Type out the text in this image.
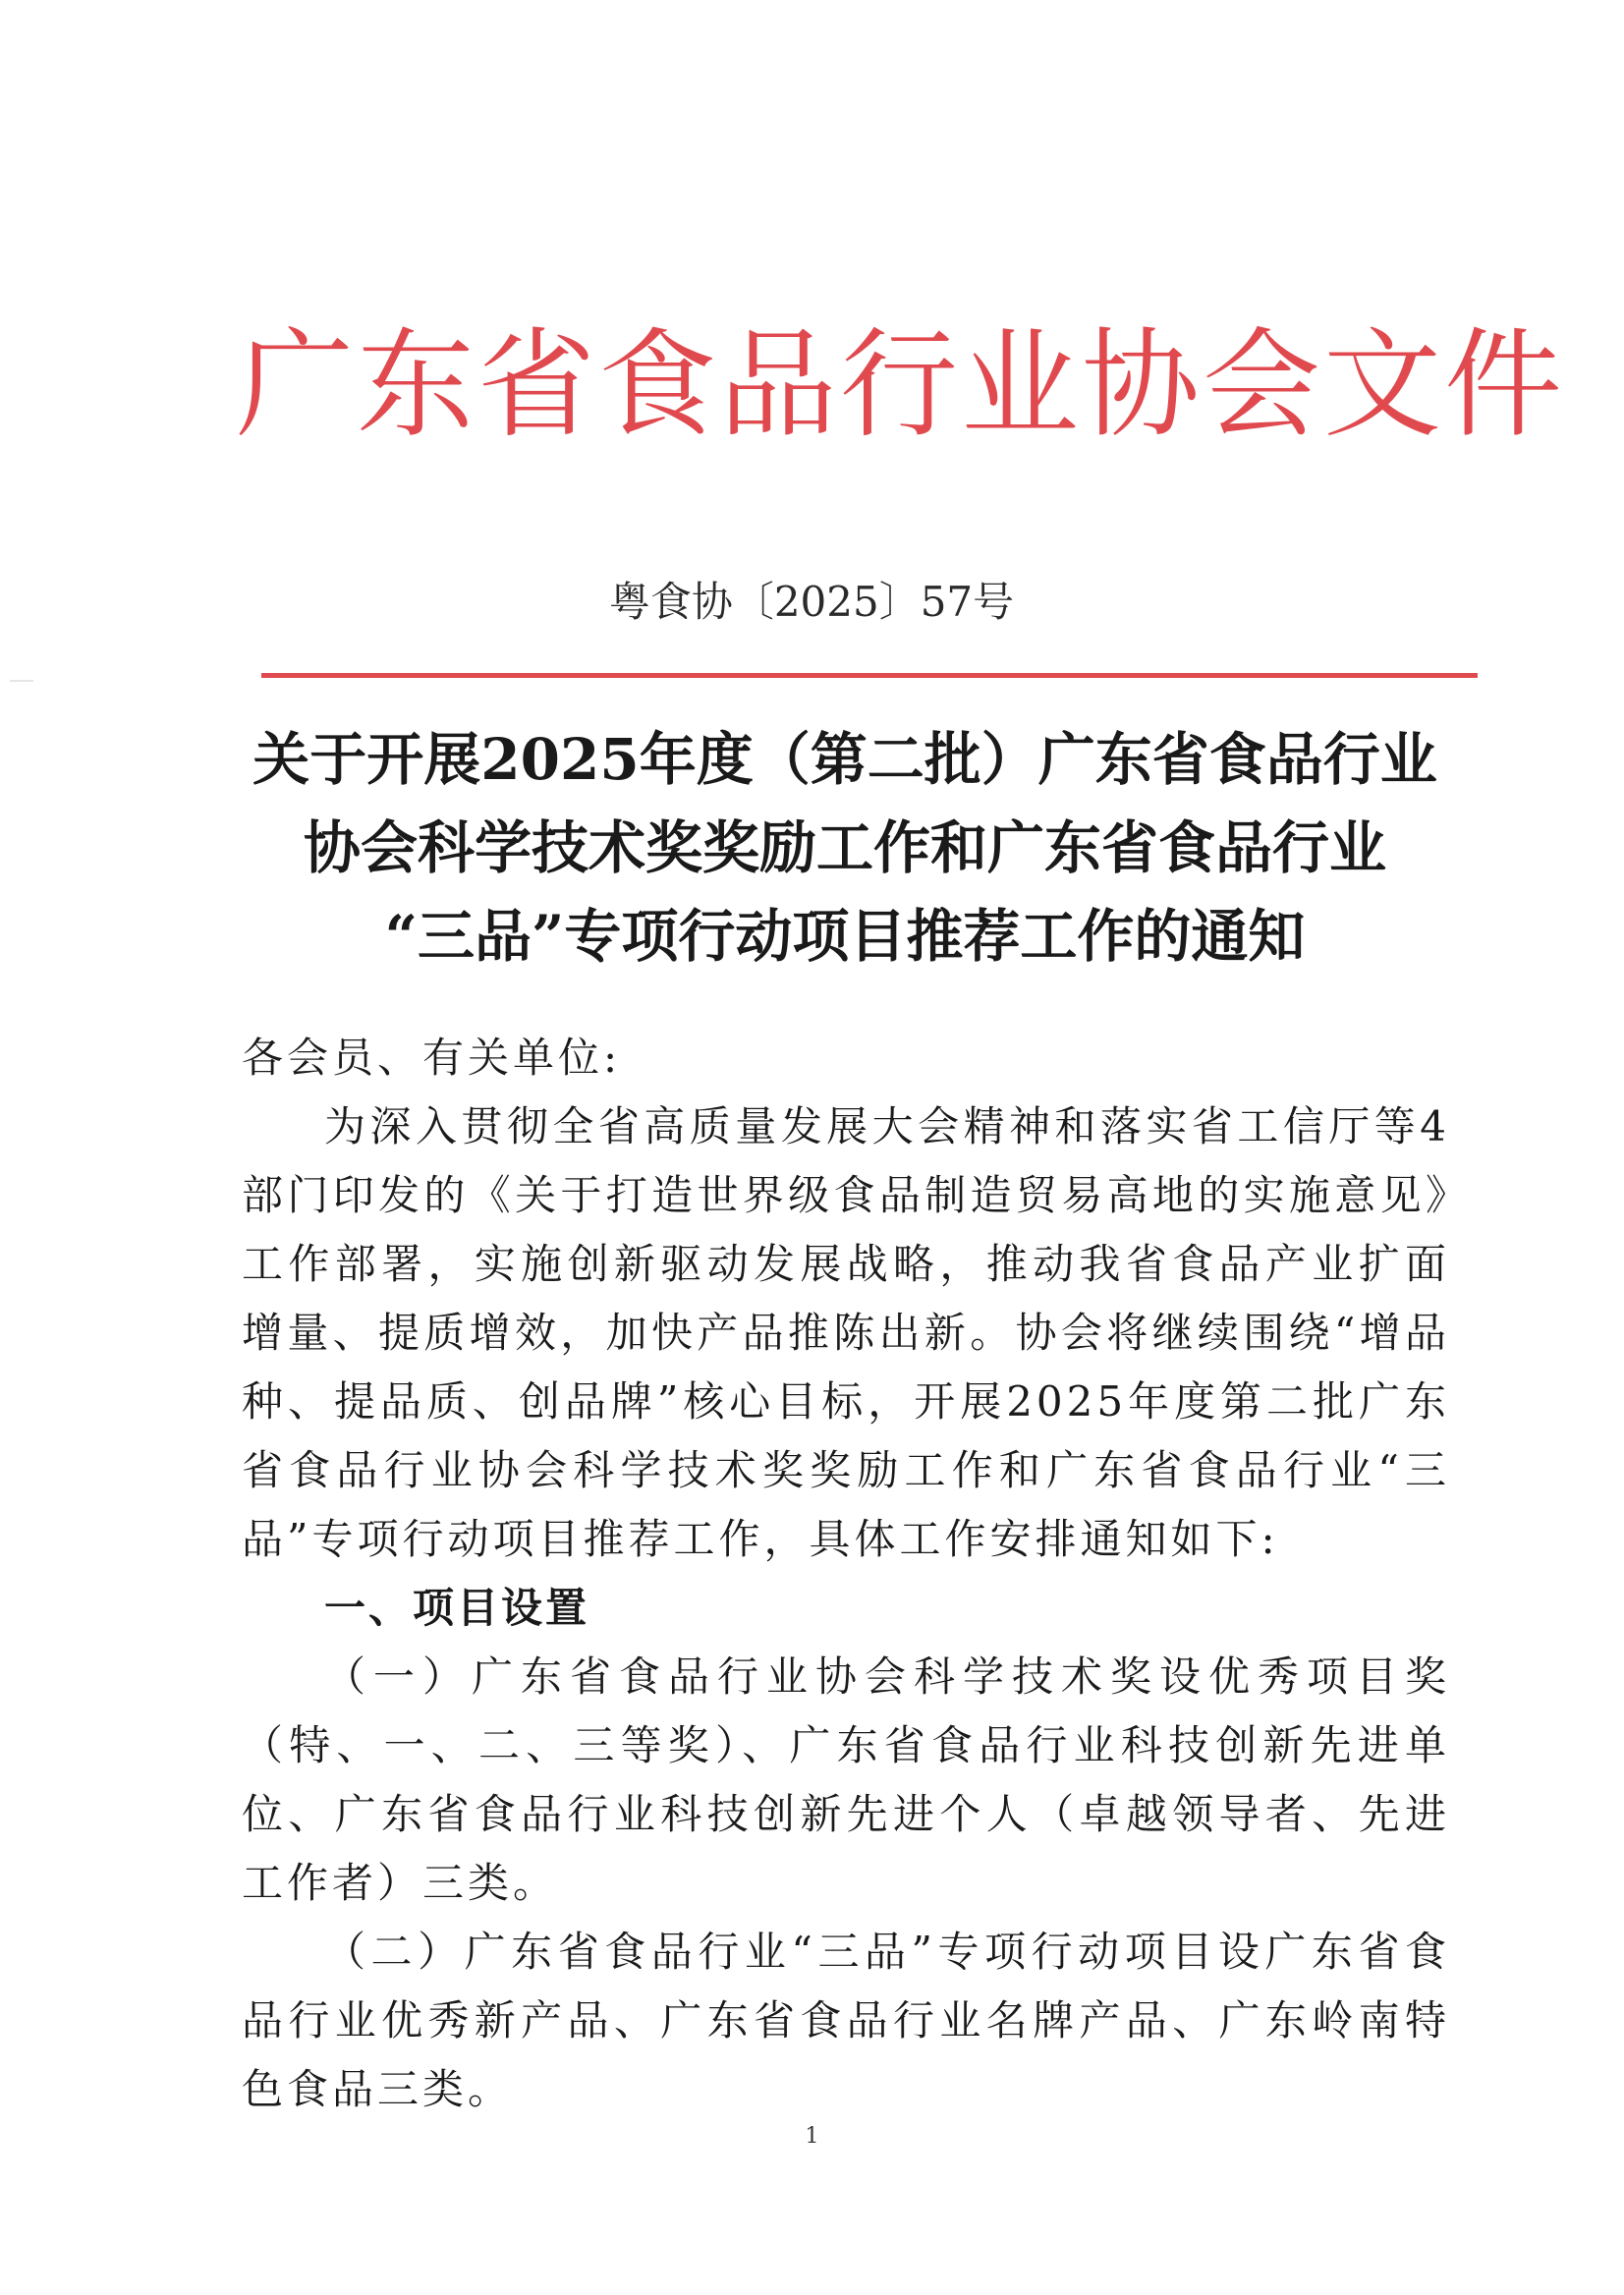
广东省食品行业协会文件
粤食协〔2025〕57号
关于开展2025年度（第二批）广东省食品行业
协会科学技术奖奖励工作和广东省食品行业
“三品”专项行动项目推荐工作的通知
各会员、有关单位:

为深入贯彻全省高质量发展大会精神和落实省工信厅等4部门印发的《关于打造世界级食品制造贸易高地的实施意见》工作部署，实施创新驱动发展战略，推动我省食品产业扩面增量、提质增效，加快产品推陈出新。协会将继续围绕“增品种、提品质、创品牌”核心目标，开展2025年度第二批广东省食品行业协会科学技术奖奖励工作和广东省食品行业“三品”专项行动项目推荐工作，具体工作安排通知如下:

一、项目设置

（一）广东省食品行业协会科学技术奖设优秀项目奖（特、一、二、三等奖）、广东省食品行业科技创新先进单位、广东省食品行业科技创新先进个人（卓越领导者、先进工作者）三类。

（二）广东省食品行业“三品”专项行动项目设广东省食品行业优秀新产品、广东省食品行业名牌产品、广东岭南特色食品三类。

1
